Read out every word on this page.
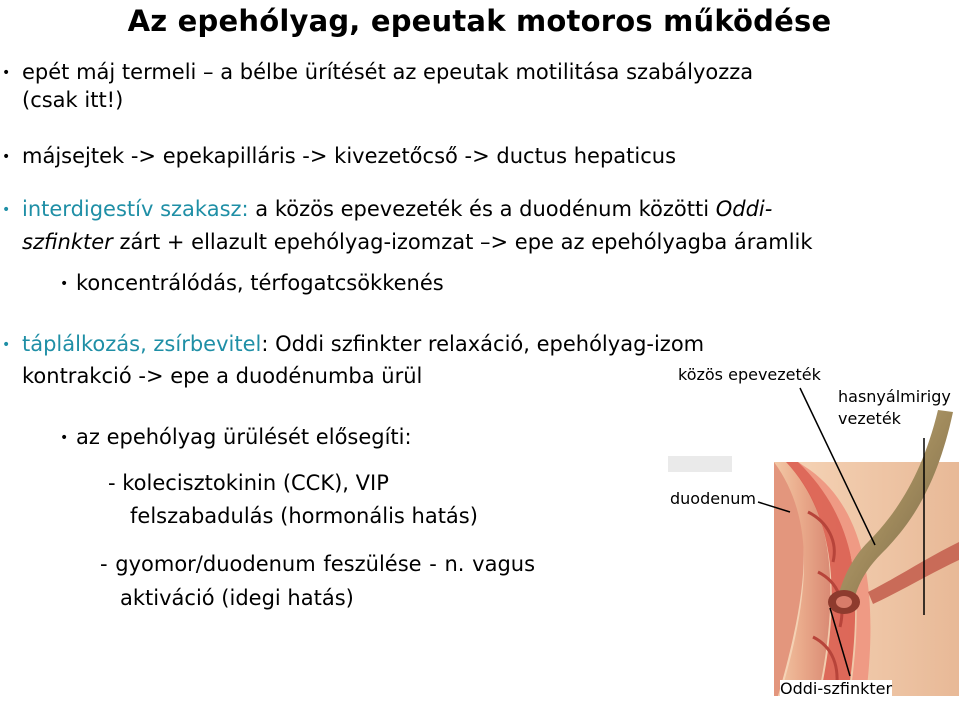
Az epehólyag, epeutak motoros működése
• epét máj termeli – a bélbe ürítését az epeutak motilitása szabályozza
(csak itt!)
• májsejtek -> epekapilláris -> kivezetőcső -> ductus hepaticus
• interdigestív szakasz: a közös epevezeték és a duodénum közötti Oddi-
szfinkter zárt + ellazult epehólyag-izomzat –> epe az epehólyagba áramlik
• koncentrálódás, térfogatcsökkenés
• táplálkozás, zsírbevitel: Oddi szfinkter relaxáció, epehólyag-izom
kontrakció -> epe a duodénumba ürül
• az epehólyag ürülését elősegíti:
- kolecisztokinin (CCK), VIP
felszabadulás (hormonális hatás)
- gyomor/duodenum feszülése - n. vagus
aktiváció (idegi hatás)
közös epevezeték
hasnyálmirigy
vezeték
duodenum
Oddi-szfinkter
